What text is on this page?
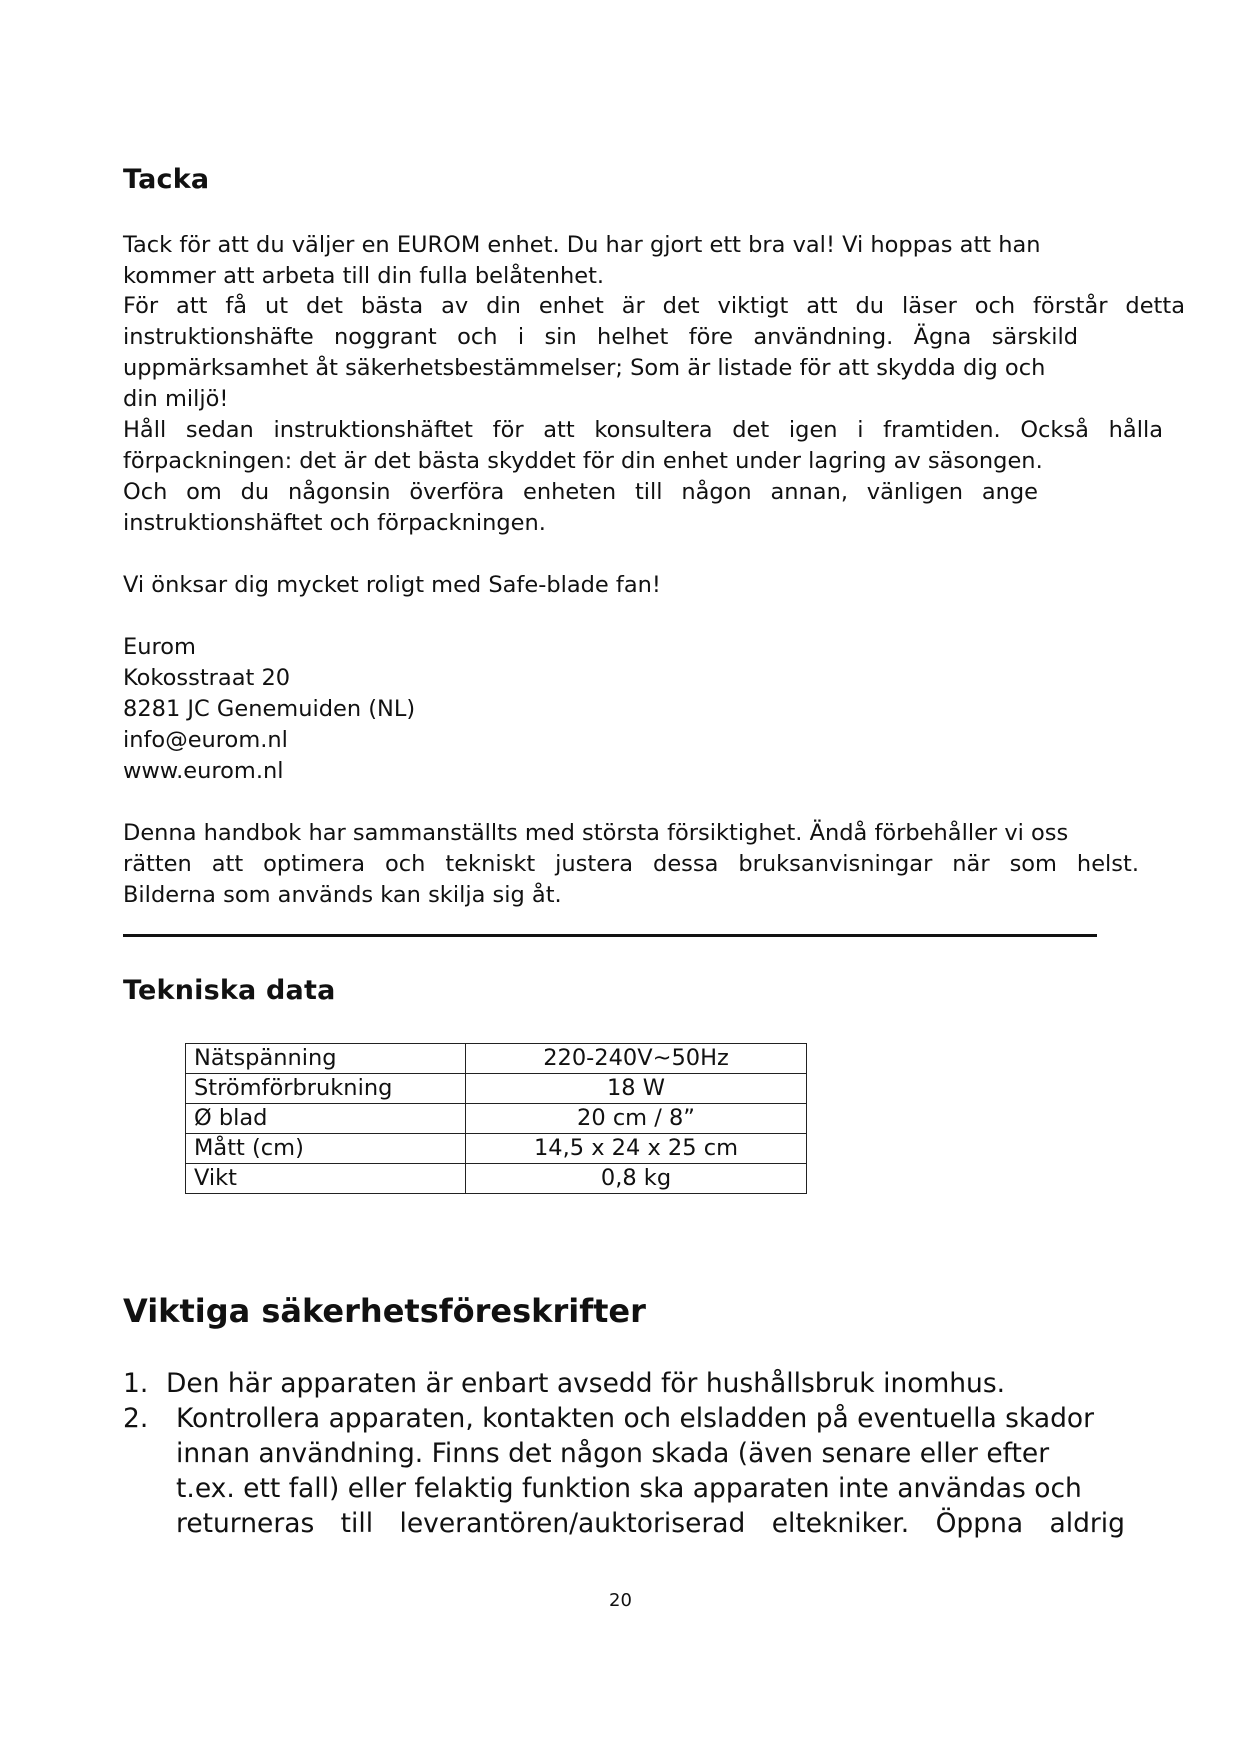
Tacka

Tack för att du väljer en EUROM enhet. Du har gjort ett bra val! Vi hoppas att han
kommer att arbeta till din fulla belåtenhet.

För att få ut det bästa av din enhet är det viktigt att du läser och förstår detta
instruktionshäfte noggrant och i sin helhet före användning. Ägna särskild
uppmärksamhet åt säkerhetsbestämmelser; Som är listade för att skydda dig och
din miljö!

Håll sedan instruktionshäftet för att konsultera det igen i framtiden. Också hålla
förpackningen: det är det bästa skyddet för din enhet under lagring av säsongen.
Och om du någonsin överföra enheten till någon annan, vänligen ange
instruktionshäftet och förpackningen.

Vi önksar dig mycket roligt med Safe-blade fan!

Eurom
Kokosstraat 20
8281 JC Genemuiden (NL)
info@eurom.nl
www.eurom.nl

Denna handbok har sammanställts med största försiktighet. Ändå förbehåller vi oss
rätten att optimera och tekniskt justera dessa bruksanvisningar när som helst.
Bilderna som används kan skilja sig åt.

Tekniska data
Nätspänning	220-240V~50Hz
Strömförbrukning	18 W
Ø blad	20 cm / 8”
Mått (cm)	14,5 x 24 x 25 cm
Vikt	0,8 kg
Viktiga säkerhetsföreskrifter
1. Den här apparaten är enbart avsedd för hushållsbruk inomhus.
2. Kontrollera apparaten, kontakten och elsladden på eventuella skador
innan användning. Finns det någon skada (även senare eller efter
t.ex. ett fall) eller felaktig funktion ska apparaten inte användas och
returneras till leverantören/auktoriserad eltekniker. Öppna aldrig
20
